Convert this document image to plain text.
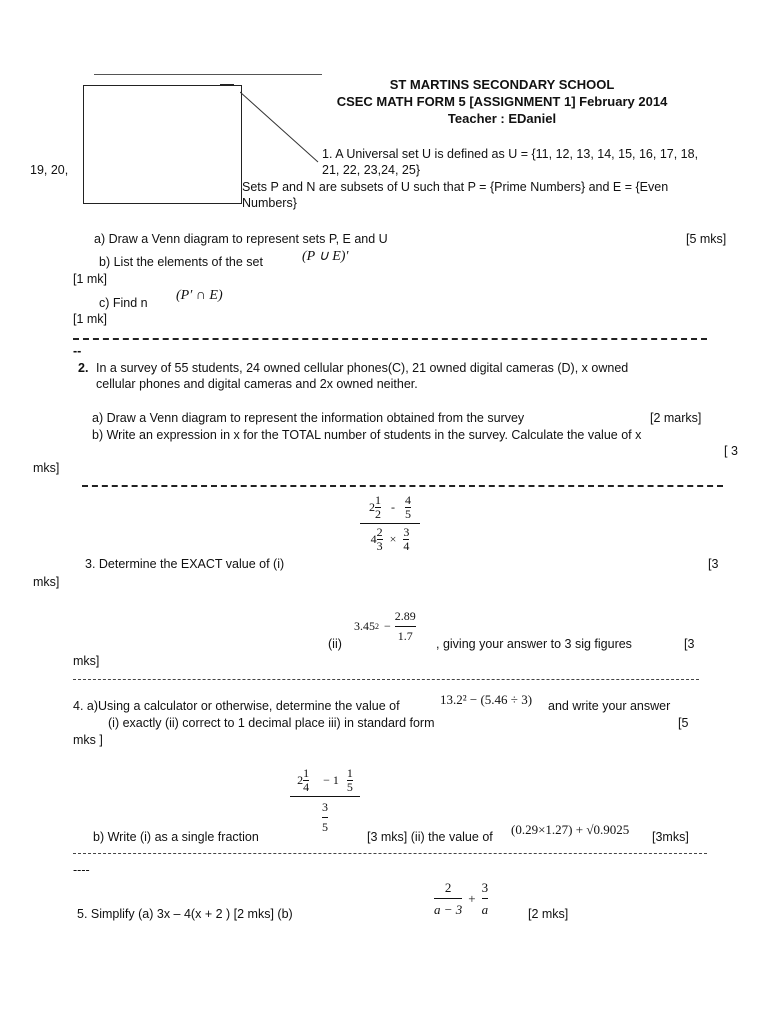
ST MARTINS SECONDARY SCHOOL
CSEC MATH FORM 5 [ASSIGNMENT 1] February 2014
Teacher : EDaniel
1. A Universal set U is defined as U = {11, 12, 13, 14, 15, 16, 17, 18,
19, 20,	21, 22, 23,24, 25}
Sets P and N are subsets of U such that P = {Prime Numbers} and E = {Even
Numbers}
a) Draw a Venn diagram to represent sets P, E and U	[5 mks]
b) List the elements of the set	(P ∪ E)′
[1 mk]
c) Find n (P′ ∩ E)
[1 mk]
--
2. In a survey of 55 students, 24 owned cellular phones(C), 21 owned digital cameras (D), x owned
cellular phones and digital cameras and 2x owned neither.
a) Draw a Venn diagram to represent the information obtained from the survey	[2 marks]
b) Write an expression in x for the TOTAL number of students in the survey. Calculate the value of x
[ 3
mks]
$2 \frac{1}{2} - \frac{4}{5}$
$4 \frac{2}{3} \times \frac{3}{4}$
3. Determine the EXACT value of (i)	[3
mks]
(ii)
3.45 $2 - \frac{2.89}{1.7}$
, giving your answer to 3 sig figures	[3
mks]
4. a)Using a calculator or otherwise, determine the value of	13.2² − (5.46 ÷ 3) and write your answer
(i) exactly (ii) correct to 1 decimal place iii) in standard form	[5
mks ]
$2 \frac{1}{4} - 1 \frac{1}{5}$
$\frac{3}{5}$
b) Write (i) as a single fraction	[3 mks] (ii) the value of (0.29×1.27) + √0.9025 [3mks]
----
5. Simplify (a) 3x – 4(x + 2 ) [2 mks] (b)	$\frac{2}{a - 3} + \frac{3}{a}$	[2 mks]
